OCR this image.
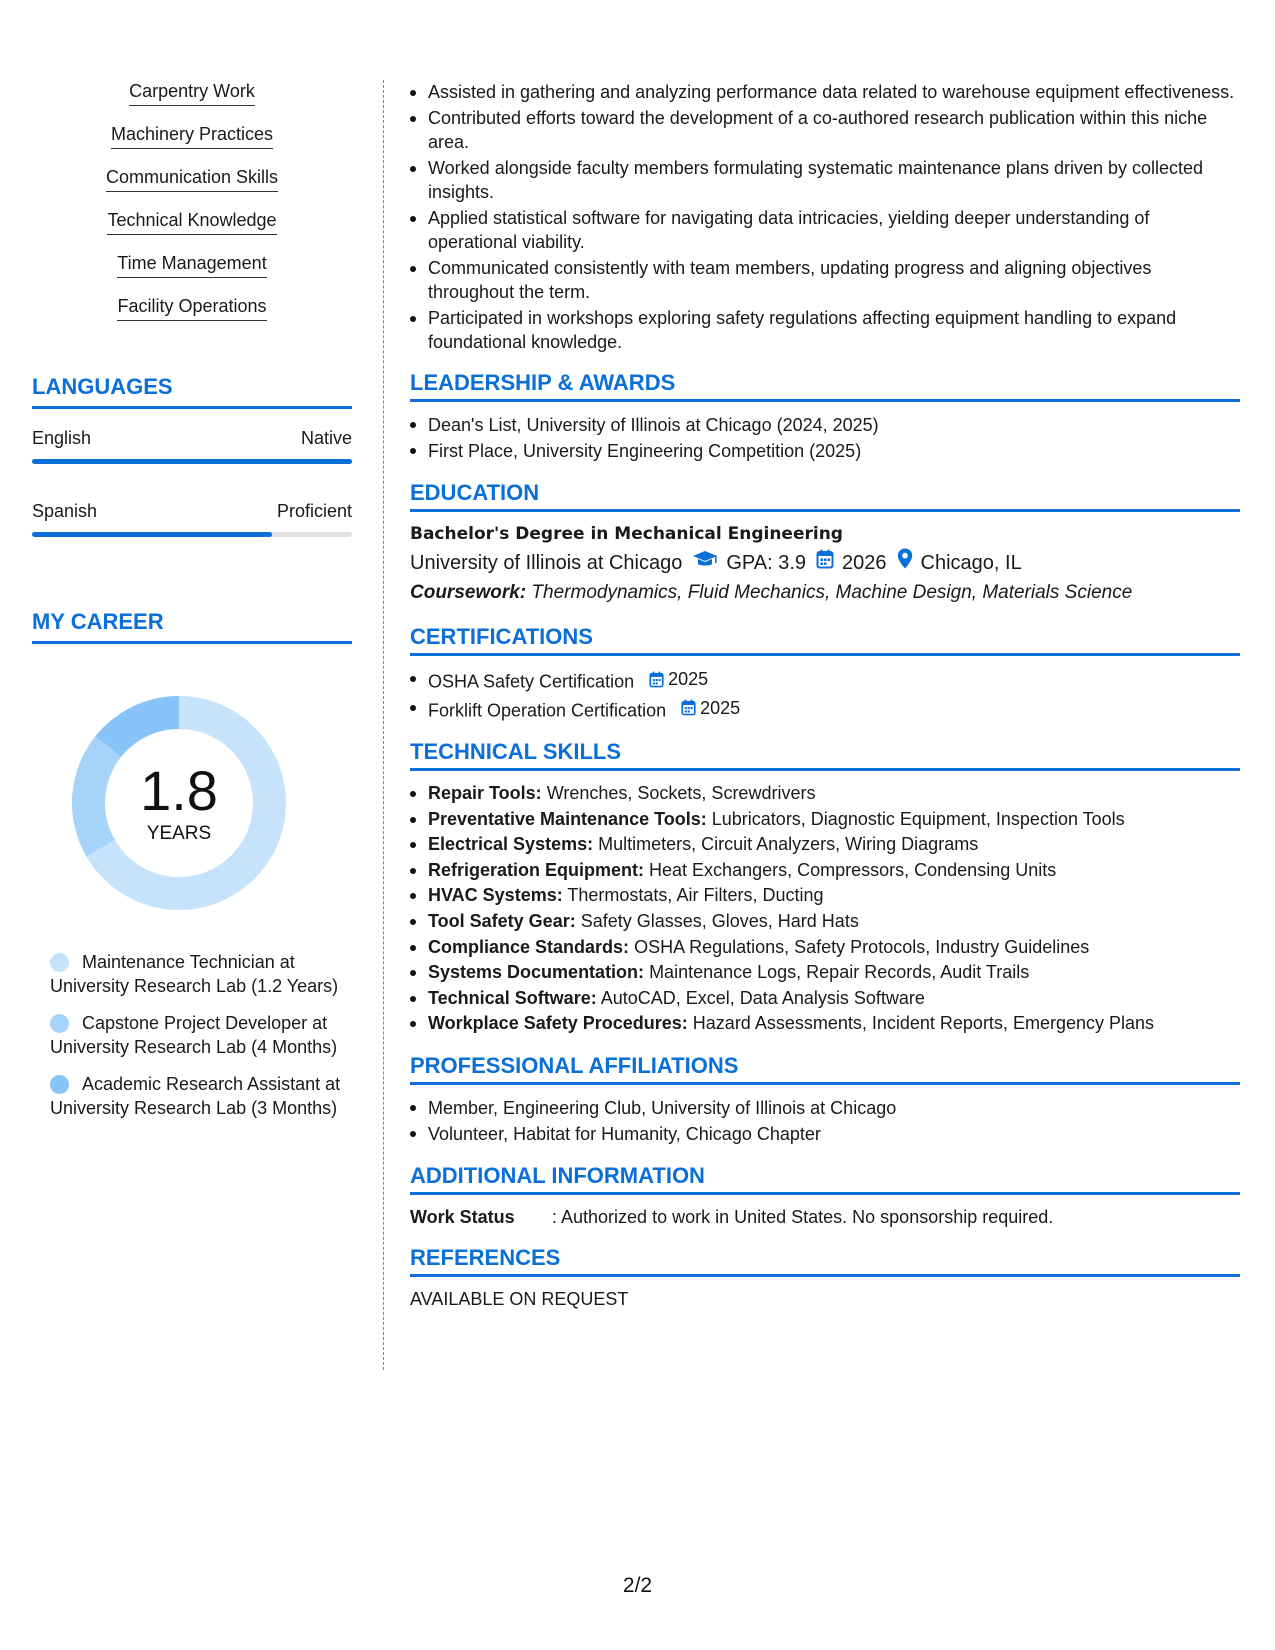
Carpentry Work
Machinery Practices
Communication Skills
Technical Knowledge
Time Management
Facility Operations
LANGUAGES
English	Native
Spanish	Proficient
MY CAREER
1.8
YEARS
Maintenance Technician at University Research Lab (1.2 Years)
Capstone Project Developer at University Research Lab (4 Months)
Academic Research Assistant at University Research Lab (3 Months)
Assisted in gathering and analyzing performance data related to warehouse equipment effectiveness.
Contributed efforts toward the development of a co-authored research publication within this niche area.
Worked alongside faculty members formulating systematic maintenance plans driven by collected insights.
Applied statistical software for navigating data intricacies, yielding deeper understanding of operational viability.
Communicated consistently with team members, updating progress and aligning objectives throughout the term.
Participated in workshops exploring safety regulations affecting equipment handling to expand foundational knowledge.
LEADERSHIP & AWARDS
Dean's List, University of Illinois at Chicago (2024, 2025)
First Place, University Engineering Competition (2025)
EDUCATION
Bachelor's Degree in Mechanical Engineering
University of Illinois at Chicago GPA: 3.9 2026 Chicago, IL
Coursework: Thermodynamics, Fluid Mechanics, Machine Design, Materials Science
CERTIFICATIONS
OSHA Safety Certification 2025
Forklift Operation Certification 2025
TECHNICAL SKILLS
Repair Tools: Wrenches, Sockets, Screwdrivers
Preventative Maintenance Tools: Lubricators, Diagnostic Equipment, Inspection Tools
Electrical Systems: Multimeters, Circuit Analyzers, Wiring Diagrams
Refrigeration Equipment: Heat Exchangers, Compressors, Condensing Units
HVAC Systems: Thermostats, Air Filters, Ducting
Tool Safety Gear: Safety Glasses, Gloves, Hard Hats
Compliance Standards: OSHA Regulations, Safety Protocols, Industry Guidelines
Systems Documentation: Maintenance Logs, Repair Records, Audit Trails
Technical Software: AutoCAD, Excel, Data Analysis Software
Workplace Safety Procedures: Hazard Assessments, Incident Reports, Emergency Plans
PROFESSIONAL AFFILIATIONS
Member, Engineering Club, University of Illinois at Chicago
Volunteer, Habitat for Humanity, Chicago Chapter
ADDITIONAL INFORMATION
Work Status	: Authorized to work in United States. No sponsorship required.
REFERENCES
AVAILABLE ON REQUEST
2/2
